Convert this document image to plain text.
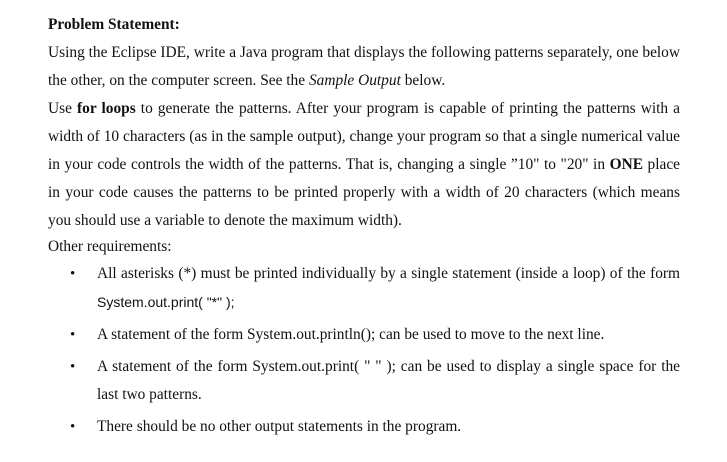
Problem Statement:
Using the Eclipse IDE, write a Java program that displays the following patterns separately, one below the other, on the computer screen. See the Sample Output below.
Use for loops to generate the patterns. After your program is capable of printing the patterns with a width of 10 characters (as in the sample output), change your program so that a single numerical value in your code controls the width of the patterns. That is, changing a single ”10" to "20" in ONE place in your code causes the patterns to be printed properly with a width of 20 characters (which means you should use a variable to denote the maximum width).
Other requirements:
• All asterisks (*) must be printed individually by a single statement (inside a loop) of the form System.out.print( "*" );
• A statement of the form System.out.println(); can be used to move to the next line.
• A statement of the form System.out.print( " " ); can be used to display a single space for the last two patterns.
• There should be no other output statements in the program.
